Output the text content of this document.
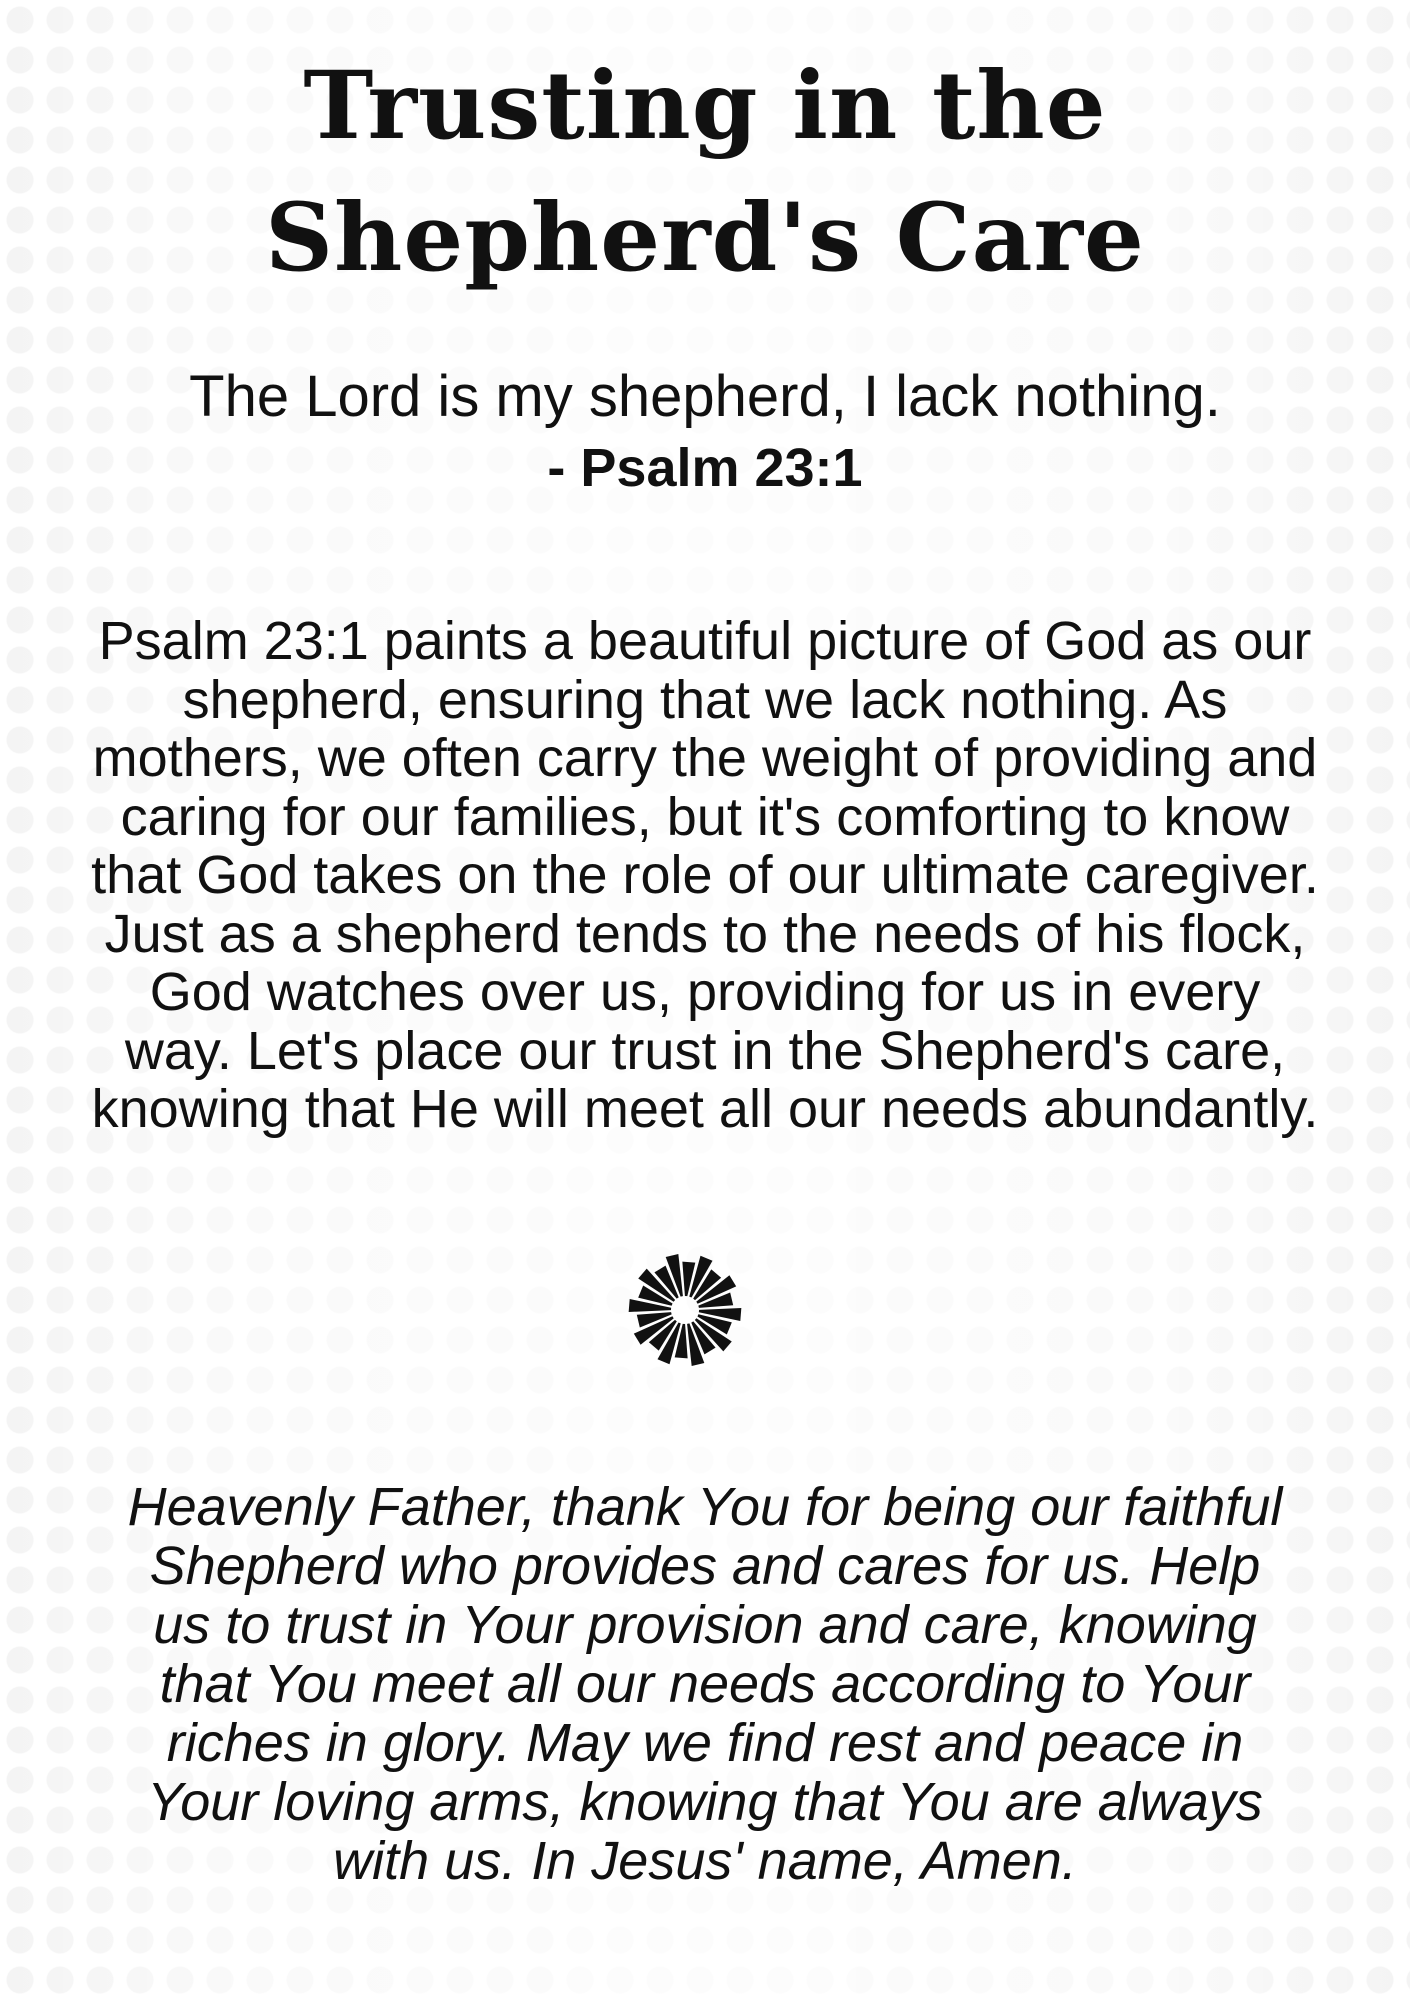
Trusting in the
Shepherd's Care
The Lord is my shepherd, I lack nothing.
- Psalm 23:1
Psalm 23:1 paints a beautiful picture of God as our
shepherd, ensuring that we lack nothing. As
mothers, we often carry the weight of providing and
caring for our families, but it's comforting to know
that God takes on the role of our ultimate caregiver.
Just as a shepherd tends to the needs of his flock,
God watches over us, providing for us in every
way. Let's place our trust in the Shepherd's care,
knowing that He will meet all our needs abundantly.
Heavenly Father, thank You for being our faithful
Shepherd who provides and cares for us. Help
us to trust in Your provision and care, knowing
that You meet all our needs according to Your
riches in glory. May we find rest and peace in
Your loving arms, knowing that You are always
with us. In Jesus' name, Amen.
